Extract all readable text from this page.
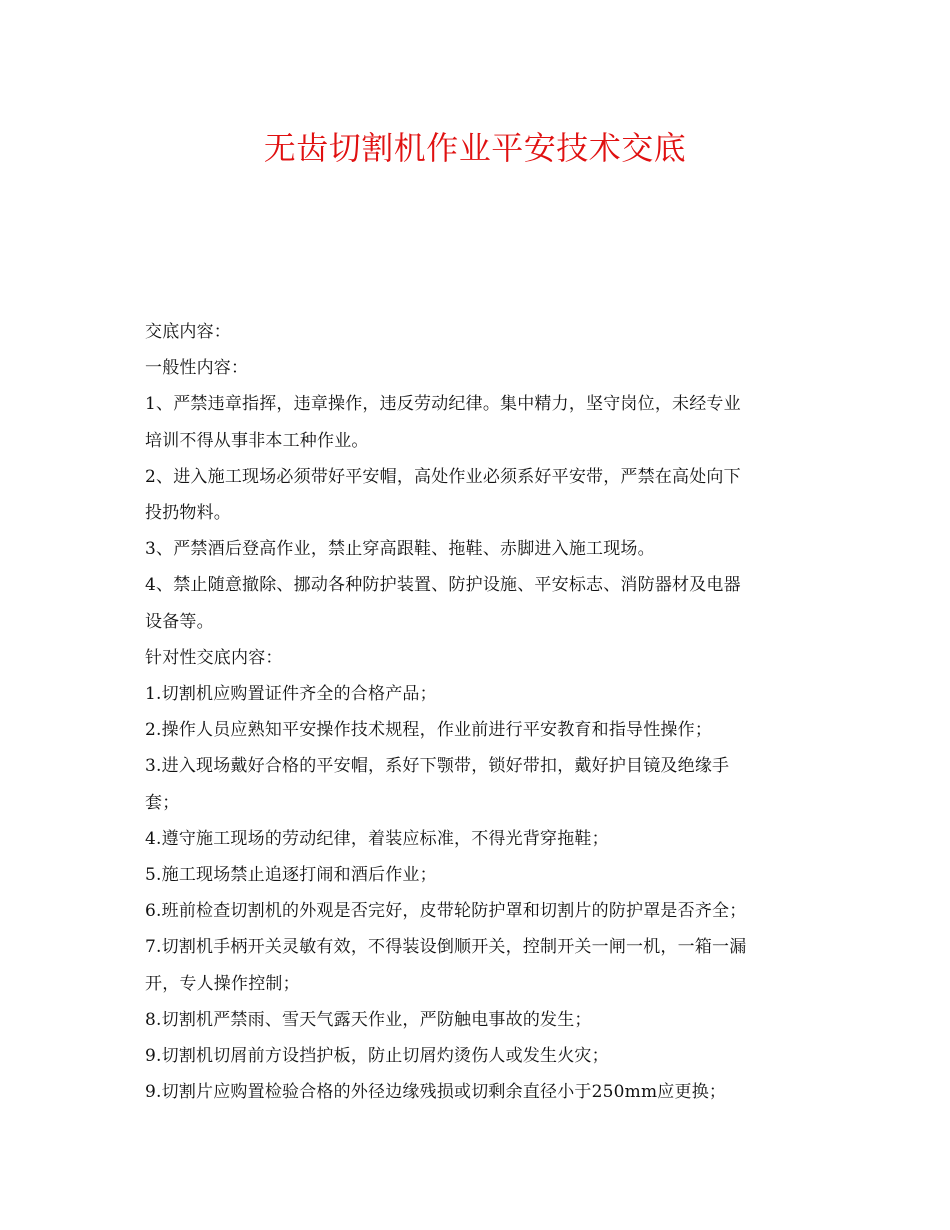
无齿切割机作业平安技术交底

交底内容：

一般性内容：

1、严禁违章指挥，违章操作，违反劳动纪律。集中精力，坚守岗位，未经专业

培训不得从事非本工种作业。

2、进入施工现场必须带好平安帽，高处作业必须系好平安带，严禁在高处向下

投扔物料。

3、严禁酒后登高作业，禁止穿高跟鞋、拖鞋、赤脚进入施工现场。

4、禁止随意撤除、挪动各种防护装置、防护设施、平安标志、消防器材及电器

设备等。

针对性交底内容：

1.切割机应购置证件齐全的合格产品；

2.操作人员应熟知平安操作技术规程，作业前进行平安教育和指导性操作；

3.进入现场戴好合格的平安帽，系好下颚带，锁好带扣，戴好护目镜及绝缘手

套；

4.遵守施工现场的劳动纪律，着装应标准，不得光背穿拖鞋；

5.施工现场禁止追逐打闹和酒后作业；

6.班前检查切割机的外观是否完好，皮带轮防护罩和切割片的防护罩是否齐全；

7.切割机手柄开关灵敏有效，不得装设倒顺开关，控制开关一闸一机，一箱一漏

开，专人操作控制；

8.切割机严禁雨、雪天气露天作业，严防触电事故的发生；

9.切割机切屑前方设挡护板，防止切屑灼烫伤人或发生火灾；

9.切割片应购置检验合格的外径边缘残损或切剩余直径小于250mm应更换；
